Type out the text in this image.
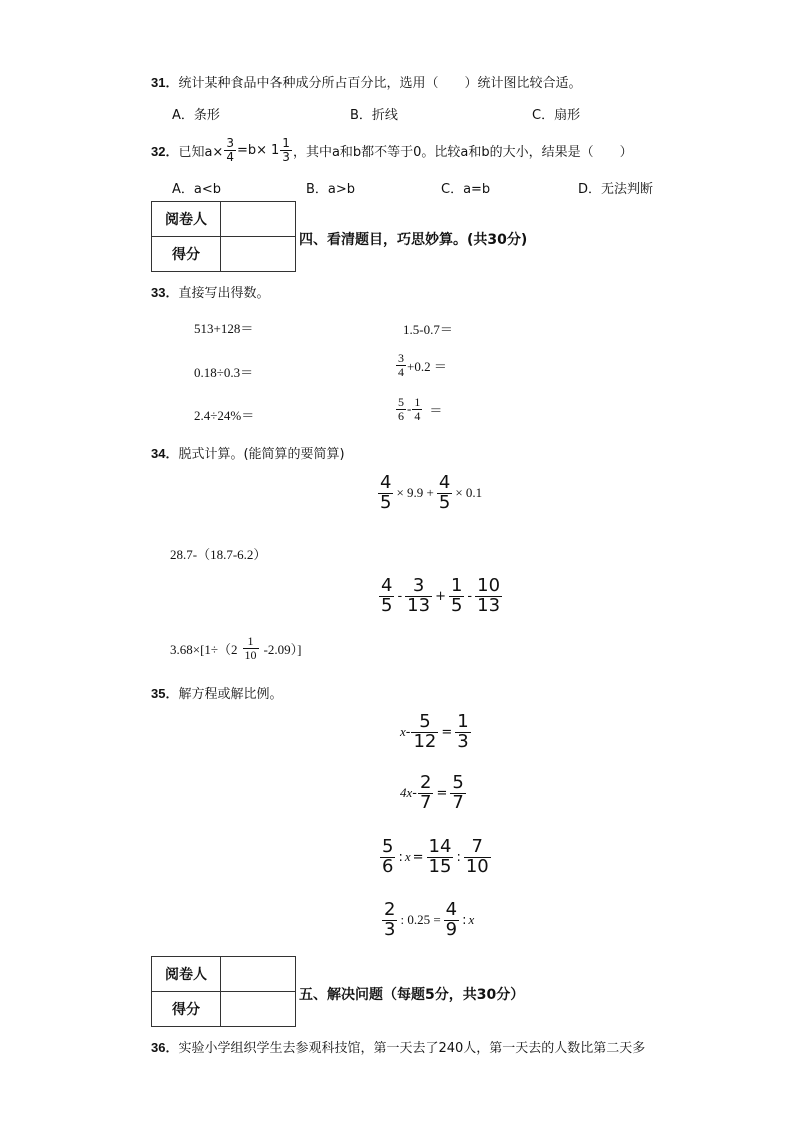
31．统计某种食品中各种成分所占百分比，选用（　　）统计图比较合适。
A．条形	B．折线	C．扇形
32． 已知$a\times \frac{3}{4} =b\times 1 \frac{1}{3}$ ，其中a和b都不等于0。比较a和b的大小，结果是（　　）
A．a<b	B．a>b	C．a=b	D．无法判断
阅卷人	
得分	
四、看清题目，巧思妙算。(共30分)
33．直接写出得数。
513+128＝	1.5-0.7＝
0.18÷0.3＝	$\frac{3}{4} +0.2$ ＝
2.4÷24%＝	$\frac{5}{6} - \frac{1}{4}$ ＝
34．脱式计算。(能简算的要简算)
$\frac{4}{5} \times 9.9 + \frac{4}{5} \times 0.1$
28.7-（18.7-6.2）
$\frac{4}{5} - \frac{3}{13} + \frac{1}{5} - \frac{10}{13}$
$3.68\times[1\div(2 \frac{1}{10} -2.09)]$
35．解方程或解比例。
$x - \frac{5}{12} = \frac{1}{3}$
$4x - \frac{2}{7} = \frac{5}{7}$
$\frac{5}{6}$ : $x = \frac{14}{15}$ : $\frac{7}{10}$
$\frac{2}{3}$ : $0.25 = \frac{4}{9}$ : x
阅卷人	
得分	
五、解决问题（每题5分，共30分）
36．实验小学组织学生去参观科技馆，第一天去了240人，第一天去的人数比第二天多
